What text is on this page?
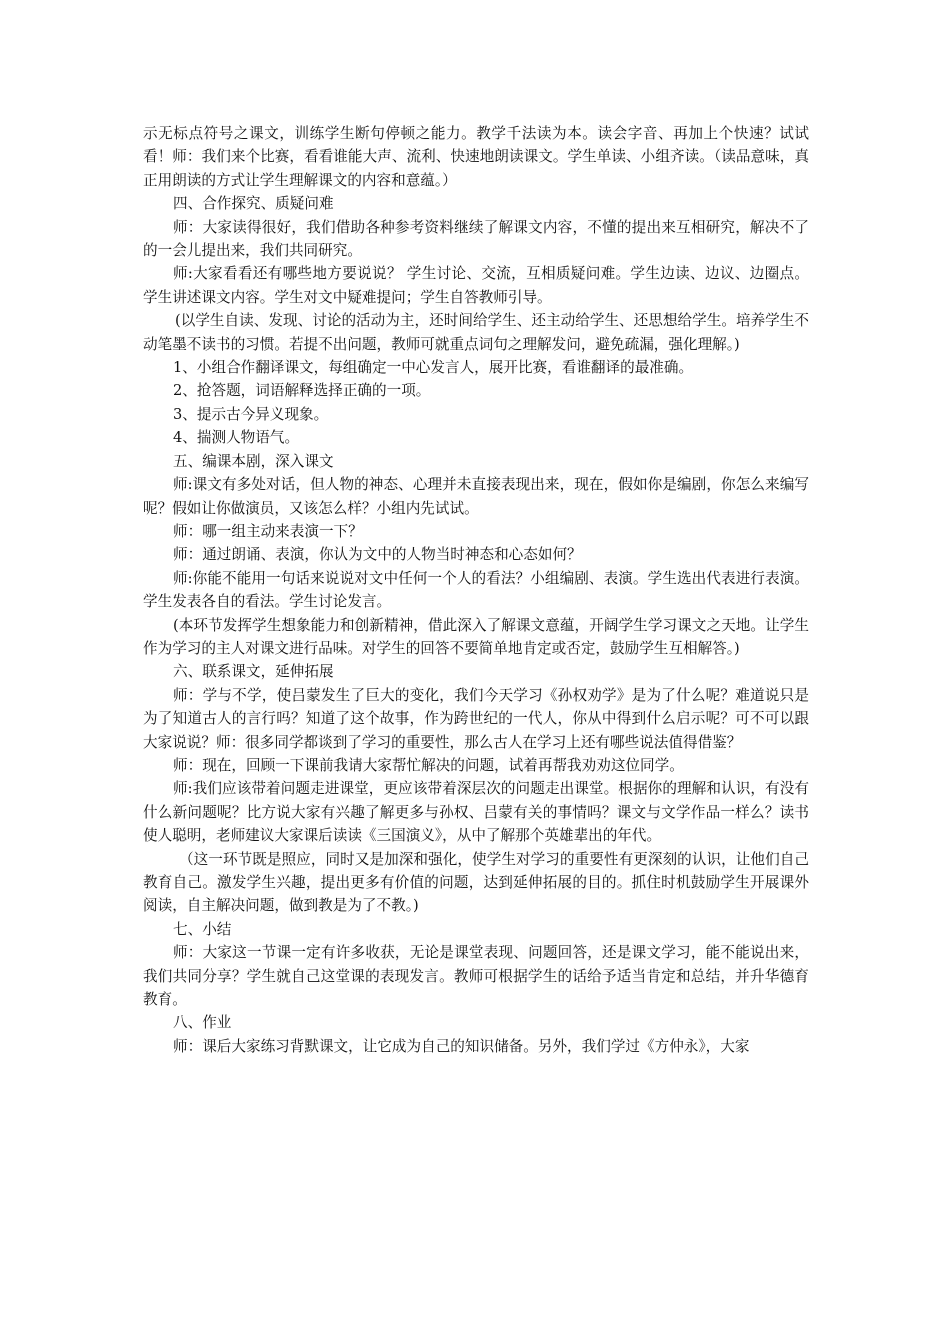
示无标点符号之课文，训练学生断句停顿之能力。教学千法读为本。读会字音、再加上个快速？试试看！师：我们来个比赛，看看谁能大声、流利、快速地朗读课文。学生单读、小组齐读。（读品意味，真正用朗读的方式让学生理解课文的内容和意蕴。）

四、合作探究、质疑问难

师：大家读得很好，我们借助各种参考资料继续了解课文内容，不懂的提出来互相研究，解决不了的一会儿提出来，我们共同研究。

师:大家看看还有哪些地方要说说？ 学生讨论、交流，互相质疑问难。学生边读、边议、边圈点。学生讲述课文内容。学生对文中疑难提问；学生自答教师引导。

(以学生自读、发现、讨论的活动为主，还时间给学生、还主动给学生、还思想给学生。培养学生不动笔墨不读书的习惯。若提不出问题，教师可就重点词句之理解发问，避免疏漏，强化理解。)

1、小组合作翻译课文，每组确定一中心发言人，展开比赛，看谁翻译的最准确。

2、抢答题，词语解释选择正确的一项。

3、提示古今异义现象。

4、揣测人物语气。

五、编课本剧，深入课文

师:课文有多处对话，但人物的神态、心理并未直接表现出来，现在，假如你是编剧，你怎么来编写呢？假如让你做演员，又该怎么样？小组内先试试。

师：哪一组主动来表演一下？

师：通过朗诵、表演，你认为文中的人物当时神态和心态如何？

师:你能不能用一句话来说说对文中任何一个人的看法？小组编剧、表演。学生选出代表进行表演。学生发表各自的看法。学生讨论发言。

(本环节发挥学生想象能力和创新精神，借此深入了解课文意蕴，开阔学生学习课文之天地。让学生作为学习的主人对课文进行品味。对学生的回答不要简单地肯定或否定，鼓励学生互相解答。)

六、联系课文，延伸拓展

师：学与不学，使吕蒙发生了巨大的变化，我们今天学习《孙权劝学》是为了什么呢？难道说只是为了知道古人的言行吗？知道了这个故事，作为跨世纪的一代人，你从中得到什么启示呢？可不可以跟大家说说？师：很多同学都谈到了学习的重要性，那么古人在学习上还有哪些说法值得借鉴？

师：现在，回顾一下课前我请大家帮忙解决的问题，试着再帮我劝劝这位同学。

师:我们应该带着问题走进课堂，更应该带着深层次的问题走出课堂。根据你的理解和认识，有没有什么新问题呢？比方说大家有兴趣了解更多与孙权、吕蒙有关的事情吗？课文与文学作品一样么？读书使人聪明，老师建议大家课后读读《三国演义》，从中了解那个英雄辈出的年代。

（这一环节既是照应，同时又是加深和强化，使学生对学习的重要性有更深刻的认识，让他们自己教育自己。激发学生兴趣，提出更多有价值的问题，达到延伸拓展的目的。抓住时机鼓励学生开展课外阅读，自主解决问题，做到教是为了不教。)

七、小结

师：大家这一节课一定有许多收获，无论是课堂表现、问题回答，还是课文学习，能不能说出来，我们共同分享？学生就自己这堂课的表现发言。教师可根据学生的话给予适当肯定和总结，并升华德育教育。

八、作业

师：课后大家练习背默课文，让它成为自己的知识储备。另外，我们学过《方仲永》，大家
